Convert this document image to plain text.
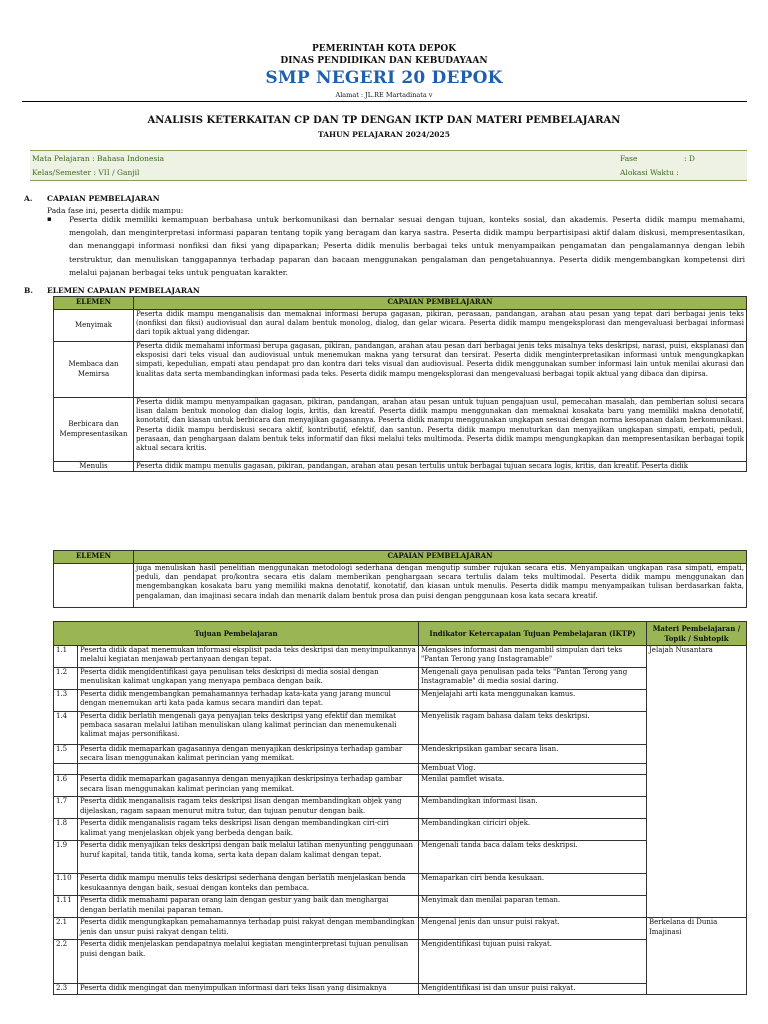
PEMERINTAH KOTA DEPOK
DINAS PENDIDIKAN DAN KEBUDAYAAN
SMP NEGERI 20 DEPOK
Alamat : JL.RE Martadinata v
ANALISIS KETERKAITAN CP DAN TP DENGAN IKTP DAN MATERI PEMBELAJARAN
TAHUN PELAJARAN 2024/2025
Mata Pelajaran : Bahasa Indonesia
Kelas/Semester : VII / Ganjil
Fase	: D
Alokasi Waktu :
A. CAPAIAN PEMBELAJARAN
Pada fase ini, peserta didik mampu:
▪ Peserta didik memiliki kemampuan berbahasa untuk berkomunikasi dan bernalar sesuai dengan tujuan, konteks sosial, dan akademis. Peserta didik mampu memahami, mengolah, dan menginterpretasi informasi paparan tentang topik yang beragam dan karya sastra. Peserta didik mampu berpartisipasi aktif dalam diskusi, mempresentasikan, dan menanggapi informasi nonfiksi dan fiksi yang dipaparkan; Peserta didik menulis berbagai teks untuk menyampaikan pengamatan dan pengalamannya dengan lebih terstruktur, dan menuliskan tanggapannya terhadap paparan dan bacaan menggunakan pengalaman dan pengetahuannya. Peserta didik mengembangkan kompetensi diri melalui pajanan berbagai teks untuk penguatan karakter.
B. ELEMEN CAPAIAN PEMBELAJARAN
ELEMEN	CAPAIAN PEMBELAJARAN
Menyimak	Peserta didik mampu menganalisis dan memaknai informasi berupa gagasan, pikiran, perasaan, pandangan, arahan atau pesan yang tepat dari berbagai jenis teks (nonfiksi dan fiksi) audiovisual dan aural dalam bentuk monolog, dialog, dan gelar wicara. Peserta didik mampu mengeksplorasi dan mengevaluasi berbagai informasi dari topik aktual yang didengar.
Membaca dan Memirsa	Peserta didik memahami informasi berupa gagasan, pikiran, pandangan, arahan atau pesan dari berbagai jenis teks misalnya teks deskripsi, narasi, puisi, eksplanasi dan eksposisi dari teks visual dan audiovisual untuk menemukan makna yang tersurat dan tersirat. Peserta didik menginterpretasikan informasi untuk mengungkapkan simpati, kepedulian, empati atau pendapat pro dan kontra dari teks visual dan audiovisual. Peserta didik menggunakan sumber informasi lain untuk menilai akurasi dan kualitas data serta membandingkan informasi pada teks. Peserta didik mampu mengeksplorasi dan mengevaluasi berbagai topik aktual yang dibaca dan dipirsa.
Berbicara dan Mempresentasikan	Peserta didik mampu menyampaikan gagasan, pikiran, pandangan, arahan atau pesan untuk tujuan pengajuan usul, pemecahan masalah, dan pemberian solusi secara lisan dalam bentuk monolog dan dialog logis, kritis, dan kreatif. Peserta didik mampu menggunakan dan memaknai kosakata baru yang memiliki makna denotatif, konotatif, dan kiasan untuk berbicara dan menyajikan gagasannya. Peserta didik mampu menggunakan ungkapan sesuai dengan norma kesopanan dalam berkomunikasi. Peserta didik mampu berdiskusi secara aktif, kontributif, efektif, dan santun. Peserta didik mampu menuturkan dan menyajikan ungkapan simpati, empati, peduli, perasaan, dan penghargaan dalam bentuk teks informatif dan fiksi melalui teks multimoda. Peserta didik mampu mengungkapkan dan mempresentasikan berbagai topik aktual secara kritis.
Menulis	Peserta didik mampu menulis gagasan, pikiran, pandangan, arahan atau pesan tertulis untuk berbagai tujuan secara logis, kritis, dan kreatif. Peserta didik
ELEMEN	CAPAIAN PEMBELAJARAN
	juga menuliskan hasil penelitian menggunakan metodologi sederhana dengan mengutip sumber rujukan secara etis. Menyampaikan ungkapan rasa simpati, empati, peduli, dan pendapat pro/kontra secara etis dalam memberikan penghargaan secara tertulis dalam teks multimodal. Peserta didik mampu menggunakan dan mengembangkan kosakata baru yang memiliki makna denotatif, konotatif, dan kiasan untuk menulis. Peserta didik mampu menyampaikan tulisan berdasarkan fakta, pengalaman, dan imajinasi secara indah dan menarik dalam bentuk prosa dan puisi dengan penggunaan kosa kata secara kreatif.
Tujuan Pembelajaran		Indikator Ketercapaian Tujuan Pembelajaran (IKTP)	Materi Pembelajaran / Topik / Subtopik
1.1	Peserta didik dapat menemukan informasi eksplisit pada teks deskripsi dan menyimpulkannya melalui kegiatan menjawab pertanyaan dengan tepat.	Mengakses informasi dan mengambil simpulan dari teks "Pantan Terong yang Instagramable"	Jelajah Nusantara
1.2	Peserta didik mengidentifikasi gaya penulisan teks deskripsi di media sosial dengan menuliskan kalimat ungkapan yang menyapa pembaca dengan baik.	Mengenali gaya penulisan pada teks "Pantan Terong yang Instagramable" di media sosial daring.	
1.3	Peserta didik mengembangkan pemahamannya terhadap kata-kata yang jarang muncul dengan menemukan arti kata pada kamus secara mandiri dan tepat.	Menjelajahi arti kata menggunakan kamus.	
1.4	Peserta didik berlatih mengenali gaya penyajian teks deskripsi yang efektif dan memikat pembaca sasaran melalui latihan menuliskan ulang kalimat perincian dan menemukenali kalimat majas personifikasi.	Menyelisik ragam bahasa dalam teks deskripsi.	
1.5	Peserta didik memaparkan gagasannya dengan menyajikan deskripsinya terhadap gambar secara lisan menggunakan kalimat perincian yang memikat.	Mendeskripsikan gambar secara lisan.	
		Membuat Vlog.	
1.6	Peserta didik memaparkan gagasannya dengan menyajikan deskripsinya terhadap gambar secara lisan menggunakan kalimat perincian yang memikat.	Menilai pamflet wisata.	
1.7	Peserta didik menganalisis ragam teks deskripsi lisan dengan membandingkan objek yang dijelaskan, ragam sapaan menurut mitra tutur, dan tujuan penutur dengan baik.	Membandingkan informasi lisan.	
1.8	Peserta didik menganalisis ragam teks deskripsi lisan dengan membandingkan ciri-ciri kalimat yang menjelaskan objek yang berbeda dengan baik.	Membandingkan ciriciri objek.	
1.9	Peserta didik menyajikan teks deskripsi dengan baik melalui latihan menyunting penggunaan huruf kapital, tanda titik, tanda koma, serta kata depan dalam kalimat dengan tepat.	Mengenali tanda baca dalam teks deskripsi.	
1.10	Peserta didik mampu menulis teks deskripsi sederhana dengan berlatih menjelaskan benda kesukaannya dengan baik, sesuai dengan konteks dan pembaca.	Memaparkan ciri benda kesukaan.	
1.11	Peserta didik memahami paparan orang lain dengan gestur yang baik dan menghargai dengan berlatih menilai paparan teman.	Menyimak dan menilai paparan teman.	
2.1	Peserta didik mengungkapkan pemahamannya terhadap puisi rakyat dengan membandingkan jenis dan unsur puisi rakyat dengan teliti.	Mengenal jenis dan unsur puisi rakyat.	Berkelana di Dunia Imajinasi
2.2	Peserta didik menjelaskan pendapatnya melalui kegiatan menginterpretasi tujuan penulisan puisi dengan baik.	Mengidentifikasi tujuan puisi rakyat.	
2.3	Peserta didik mengingat dan menyimpulkan informasi dari teks lisan yang disimaknya	Mengidentifikasi isi dan unsur puisi rakyat.	
